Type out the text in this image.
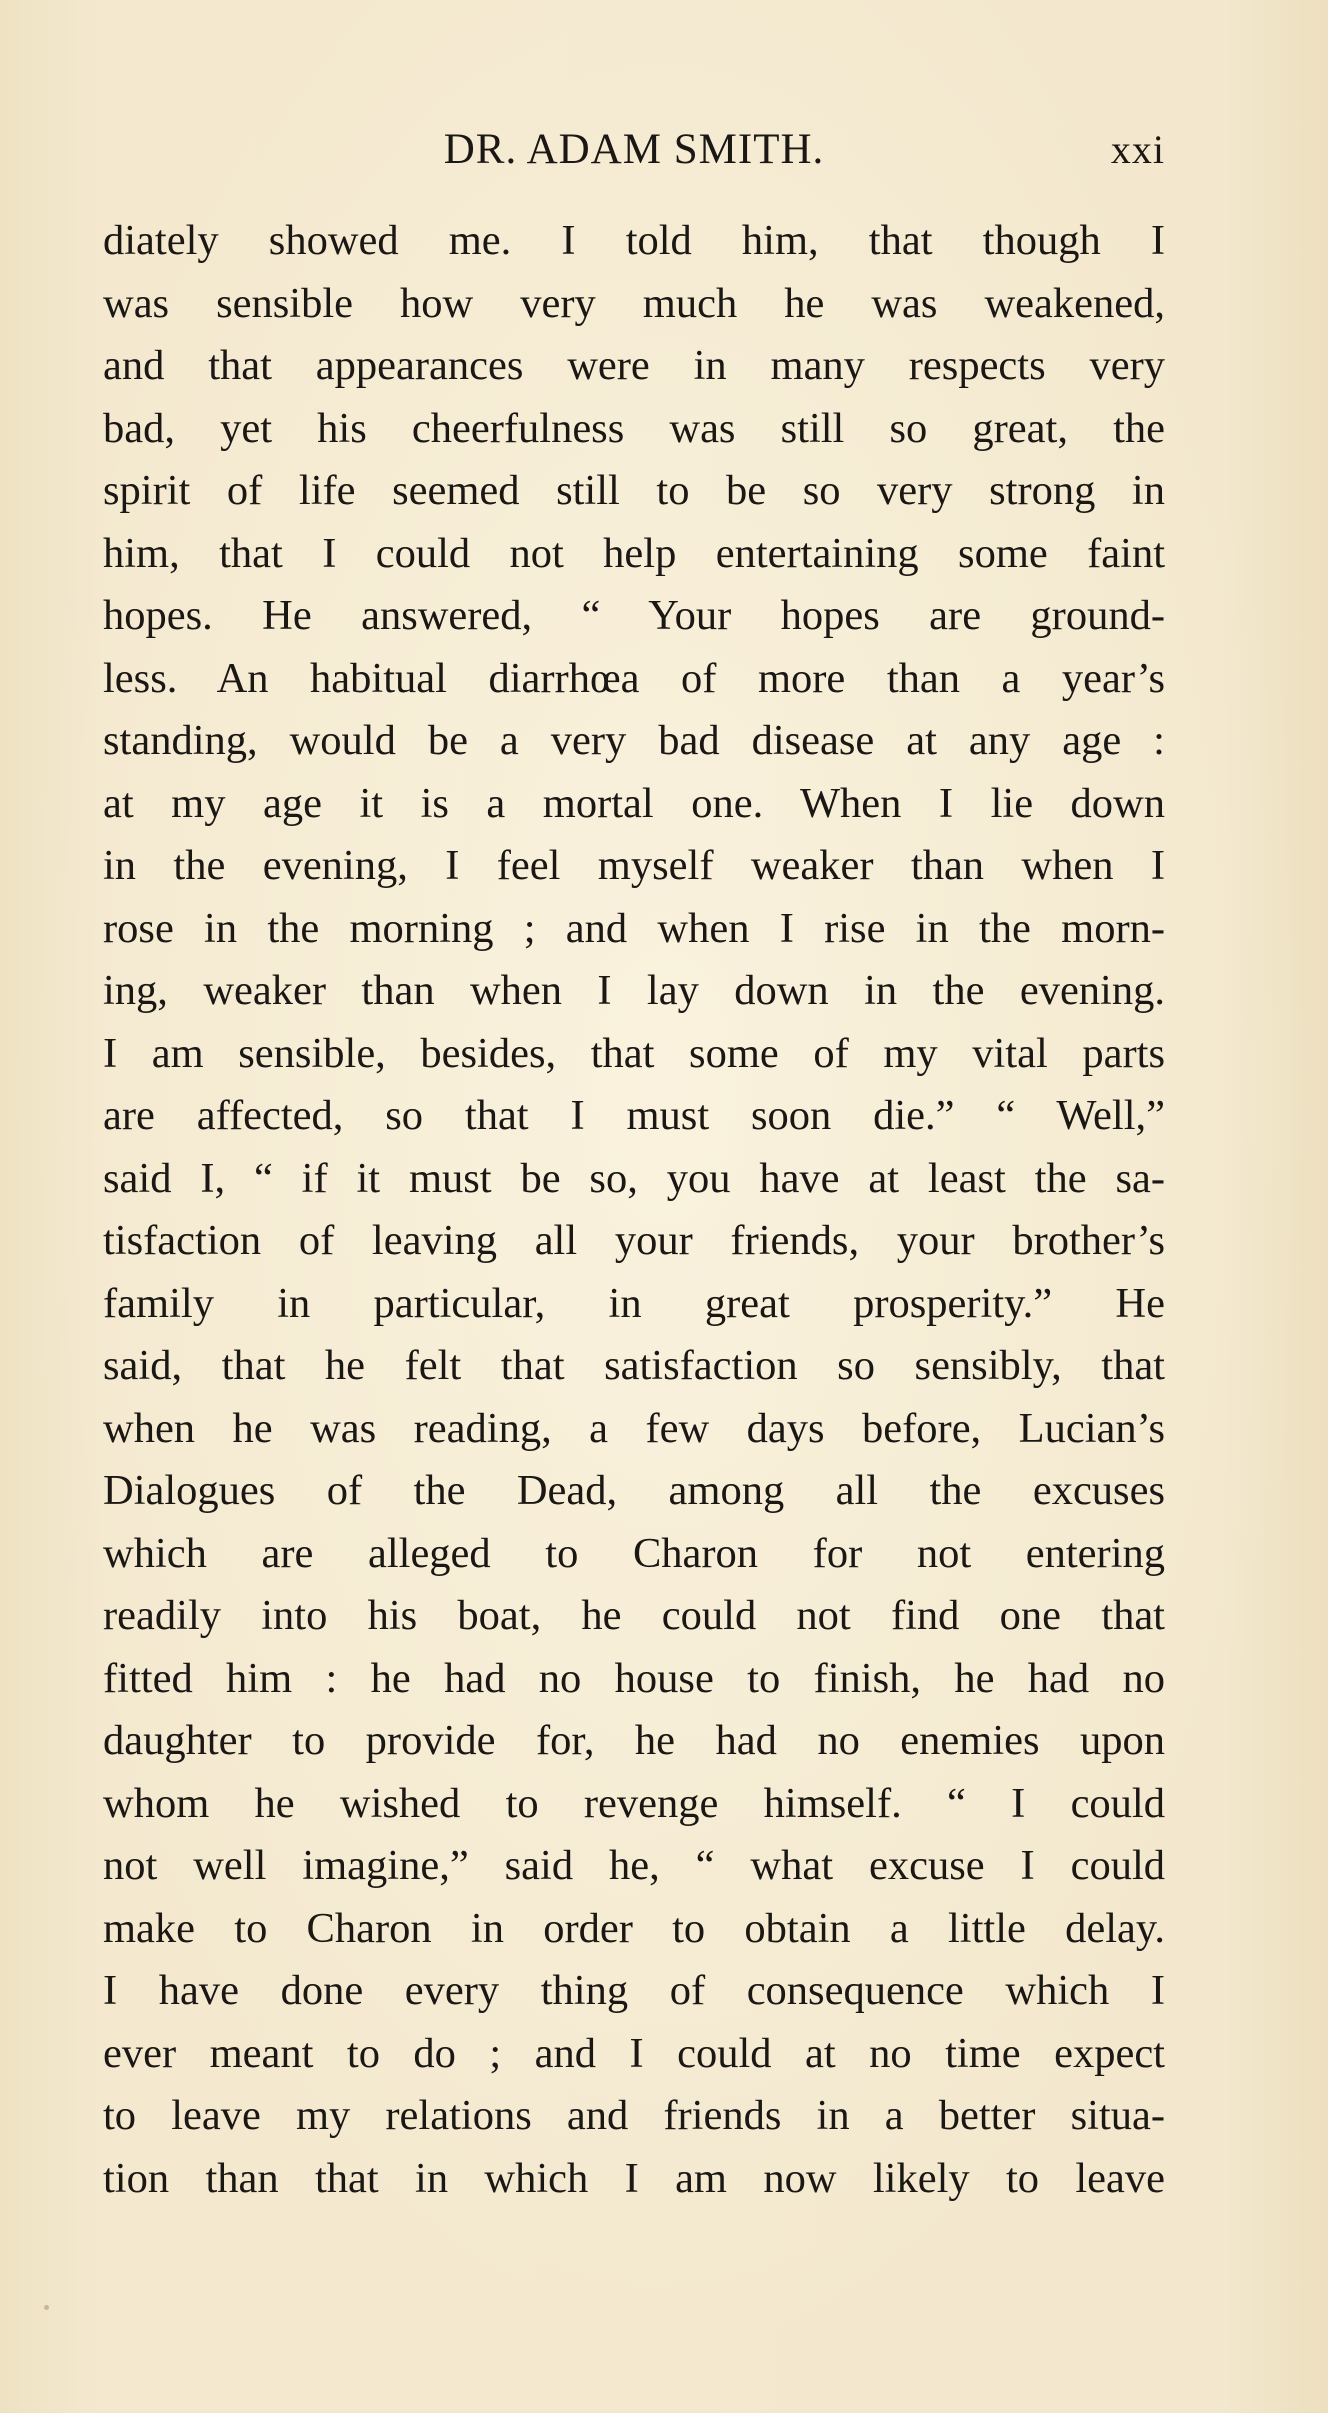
DR. ADAM SMITH.	xxi
diately showed me. I told him, that though I
was sensible how very much he was weakened,
and that appearances were in many respects very
bad, yet his cheerfulness was still so great, the
spirit of life seemed still to be so very strong in
him, that I could not help entertaining some faint
hopes. He answered, “ Your hopes are ground-
less. An habitual diarrhœa of more than a year’s
standing, would be a very bad disease at any age :
at my age it is a mortal one. When I lie down
in the evening, I feel myself weaker than when I
rose in the morning ; and when I rise in the morn-
ing, weaker than when I lay down in the evening.
I am sensible, besides, that some of my vital parts
are affected, so that I must soon die.” “ Well,”
said I, “ if it must be so, you have at least the sa-
tisfaction of leaving all your friends, your brother’s
family in particular, in great prosperity.” He
said, that he felt that satisfaction so sensibly, that
when he was reading, a few days before, Lucian’s
Dialogues of the Dead, among all the excuses
which are alleged to Charon for not entering
readily into his boat, he could not find one that
fitted him : he had no house to finish, he had no
daughter to provide for, he had no enemies upon
whom he wished to revenge himself. “ I could
not well imagine,” said he, “ what excuse I could
make to Charon in order to obtain a little delay.
I have done every thing of consequence which I
ever meant to do ; and I could at no time expect
to leave my relations and friends in a better situa-
tion than that in which I am now likely to leave
